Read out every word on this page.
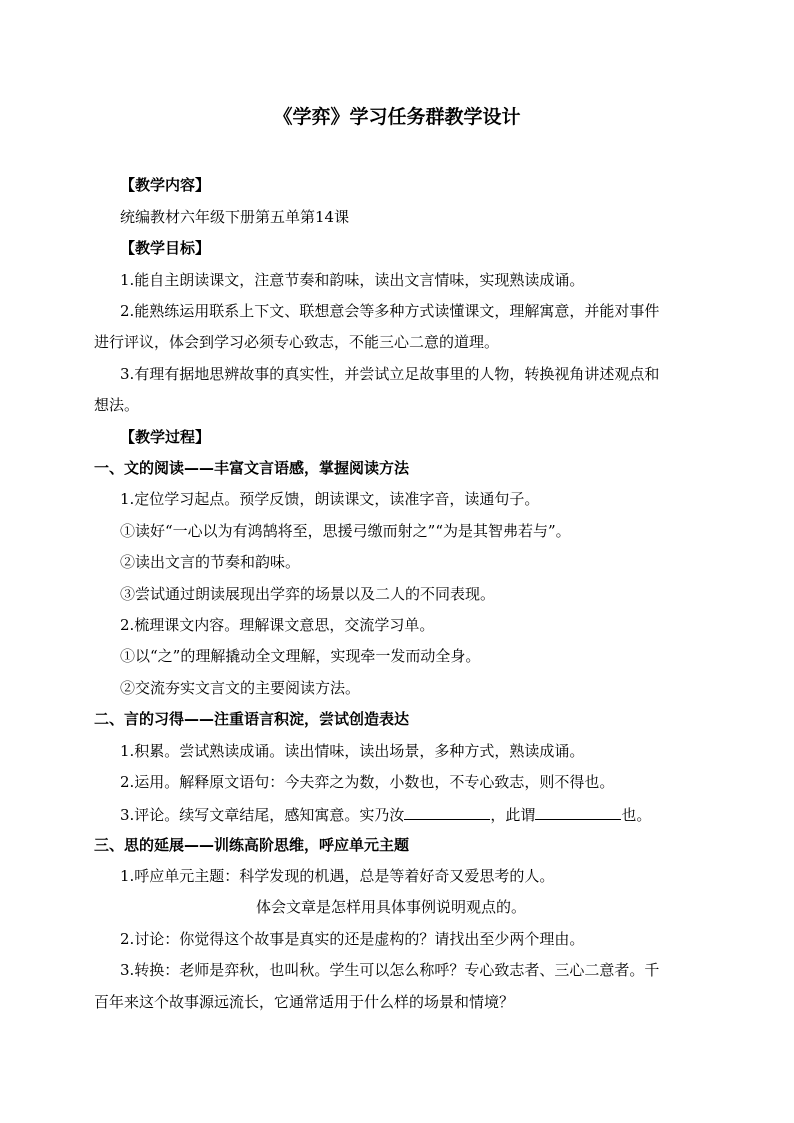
《学弈》学习任务群教学设计
【教学内容】
统编教材六年级下册第五单第14课
【教学目标】
1.能自主朗读课文，注意节奏和韵味，读出文言情味，实现熟读成诵。
2.能熟练运用联系上下文、联想意会等多种方式读懂课文，理解寓意，并能对事件
进行评议，体会到学习必须专心致志，不能三心二意的道理。
3.有理有据地思辨故事的真实性，并尝试立足故事里的人物，转换视角讲述观点和
想法。
【教学过程】
一、文的阅读——丰富文言语感，掌握阅读方法
1.定位学习起点。预学反馈，朗读课文，读准字音，读通句子。
①读好“一心以为有鸿鹄将至，思援弓缴而射之”“为是其智弗若与”。
②读出文言的节奏和韵味。
③尝试通过朗读展现出学弈的场景以及二人的不同表现。
2.梳理课文内容。理解课文意思，交流学习单。
①以“之”的理解撬动全文理解，实现牵一发而动全身。
②交流夯实文言文的主要阅读方法。
二、言的习得——注重语言积淀，尝试创造表达
1.积累。尝试熟读成诵。读出情味，读出场景，多种方式，熟读成诵。
2.运用。解释原文语句：今夫弈之为数，小数也，不专心致志，则不得也。
3.评论。续写文章结尾，感知寓意。实乃汝	，此谓	也。
三、思的延展——训练高阶思维，呼应单元主题
1.呼应单元主题：科学发现的机遇，总是等着好奇又爱思考的人。
体会文章是怎样用具体事例说明观点的。
2.讨论：你觉得这个故事是真实的还是虚构的？请找出至少两个理由。
3.转换：老师是弈秋，也叫秋。学生可以怎么称呼？专心致志者、三心二意者。千
百年来这个故事源远流长，它通常适用于什么样的场景和情境？
